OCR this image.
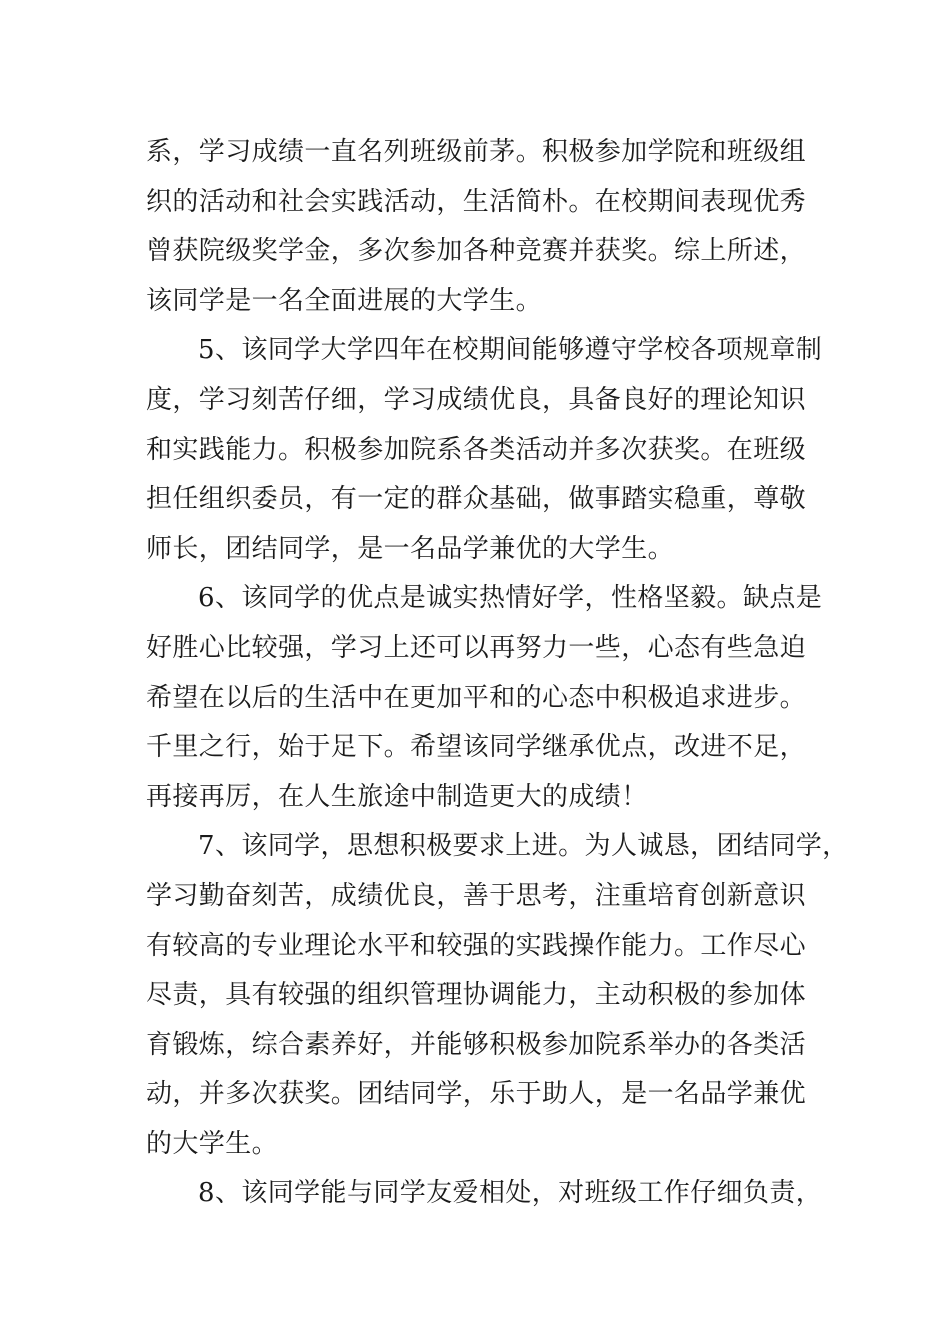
系，学习成绩一直名列班级前茅。积极参加学院和班级组
织的活动和社会实践活动，生活简朴。在校期间表现优秀
曾获院级奖学金，多次参加各种竞赛并获奖。综上所述，
该同学是一名全面进展的大学生。
5、该同学大学四年在校期间能够遵守学校各项规章制
度，学习刻苦仔细，学习成绩优良，具备良好的理论知识
和实践能力。积极参加院系各类活动并多次获奖。在班级
担任组织委员，有一定的群众基础，做事踏实稳重，尊敬
师长，团结同学，是一名品学兼优的大学生。
6、该同学的优点是诚实热情好学，性格坚毅。缺点是
好胜心比较强，学习上还可以再努力一些，心态有些急迫
希望在以后的生活中在更加平和的心态中积极追求进步。
千里之行，始于足下。希望该同学继承优点，改进不足，
再接再厉，在人生旅途中制造更大的成绩！
7、该同学，思想积极要求上进。为人诚恳，团结同学，
学习勤奋刻苦，成绩优良，善于思考，注重培育创新意识
有较高的专业理论水平和较强的实践操作能力。工作尽心
尽责，具有较强的组织管理协调能力，主动积极的参加体
育锻炼，综合素养好，并能够积极参加院系举办的各类活
动，并多次获奖。团结同学，乐于助人，是一名品学兼优
的大学生。
8、该同学能与同学友爱相处，对班级工作仔细负责，
